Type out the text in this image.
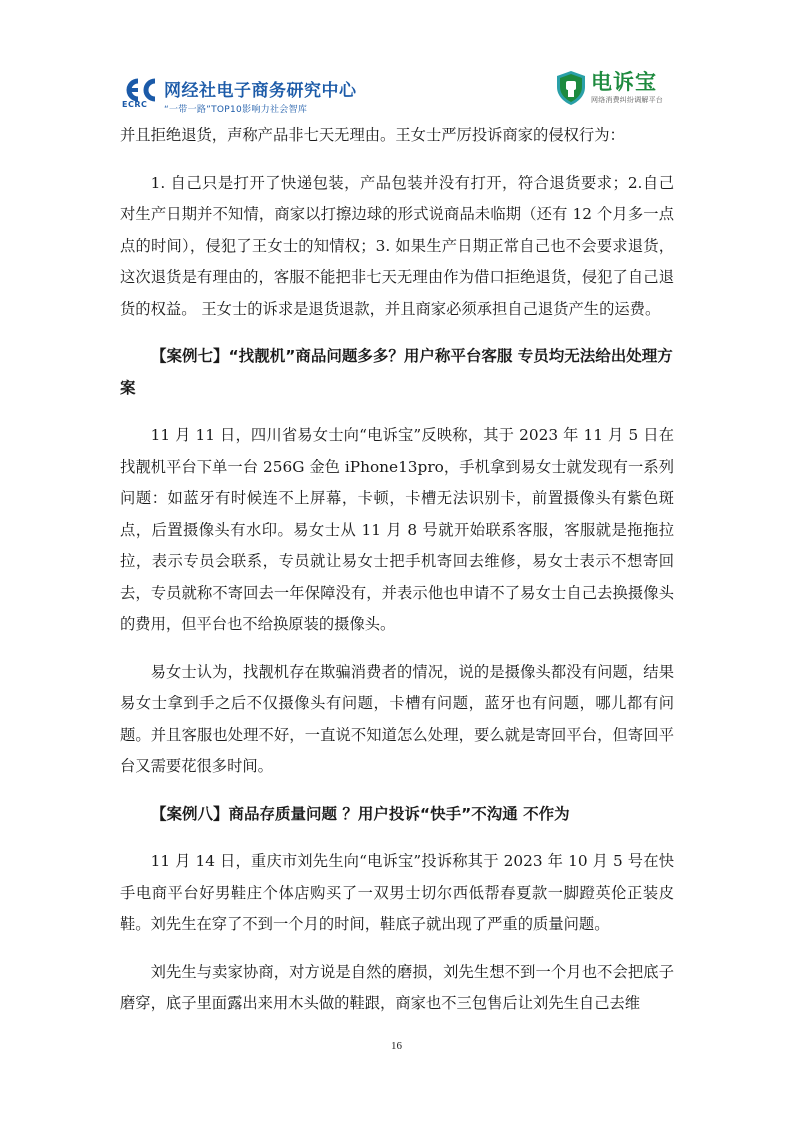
ECRC
网经社电子商务研究中心
“一带一路”TOP10影响力社会智库
电诉宝
网络消费纠纷调解平台

并且拒绝退货，声称产品非七天无理由。王女士严厉投诉商家的侵权行为：

1. 自己只是打开了快递包装，产品包装并没有打开，符合退货要求；2.自己对生产日期并不知情，商家以打擦边球的形式说商品未临期（还有 12 个月多一点点的时间），侵犯了王女士的知情权；3. 如果生产日期正常自己也不会要求退货，这次退货是有理由的，客服不能把非七天无理由作为借口拒绝退货，侵犯了自己退货的权益。 王女士的诉求是退货退款，并且商家必须承担自己退货产生的运费。

【案例七】“找靓机”商品问题多多？用户称平台客服 专员均无法给出处理方案

11 月 11 日，四川省易女士向“电诉宝”反映称，其于 2023 年 11 月 5 日在找靓机平台下单一台 256G 金色 iPhone13pro，手机拿到易女士就发现有一系列问题：如蓝牙有时候连不上屏幕，卡顿，卡槽无法识别卡，前置摄像头有紫色斑点，后置摄像头有水印。易女士从 11 月 8 号就开始联系客服，客服就是拖拖拉拉，表示专员会联系，专员就让易女士把手机寄回去维修，易女士表示不想寄回去，专员就称不寄回去一年保障没有，并表示他也申请不了易女士自己去换摄像头的费用，但平台也不给换原装的摄像头。

易女士认为，找靓机存在欺骗消费者的情况，说的是摄像头都没有问题，结果易女士拿到手之后不仅摄像头有问题，卡槽有问题，蓝牙也有问题，哪儿都有问题。并且客服也处理不好，一直说不知道怎么处理，要么就是寄回平台，但寄回平台又需要花很多时间。

【案例八】商品存质量问题 ？用户投诉“快手”不沟通 不作为

11 月 14 日，重庆市刘先生向“电诉宝”投诉称其于 2023 年 10 月 5 号在快手电商平台好男鞋庄个体店购买了一双男士切尔西低帮春夏款一脚蹬英伦正装皮鞋。刘先生在穿了不到一个月的时间，鞋底子就出现了严重的质量问题。

刘先生与卖家协商，对方说是自然的磨损，刘先生想不到一个月也不会把底子磨穿，底子里面露出来用木头做的鞋跟，商家也不三包售后让刘先生自己去维

16
